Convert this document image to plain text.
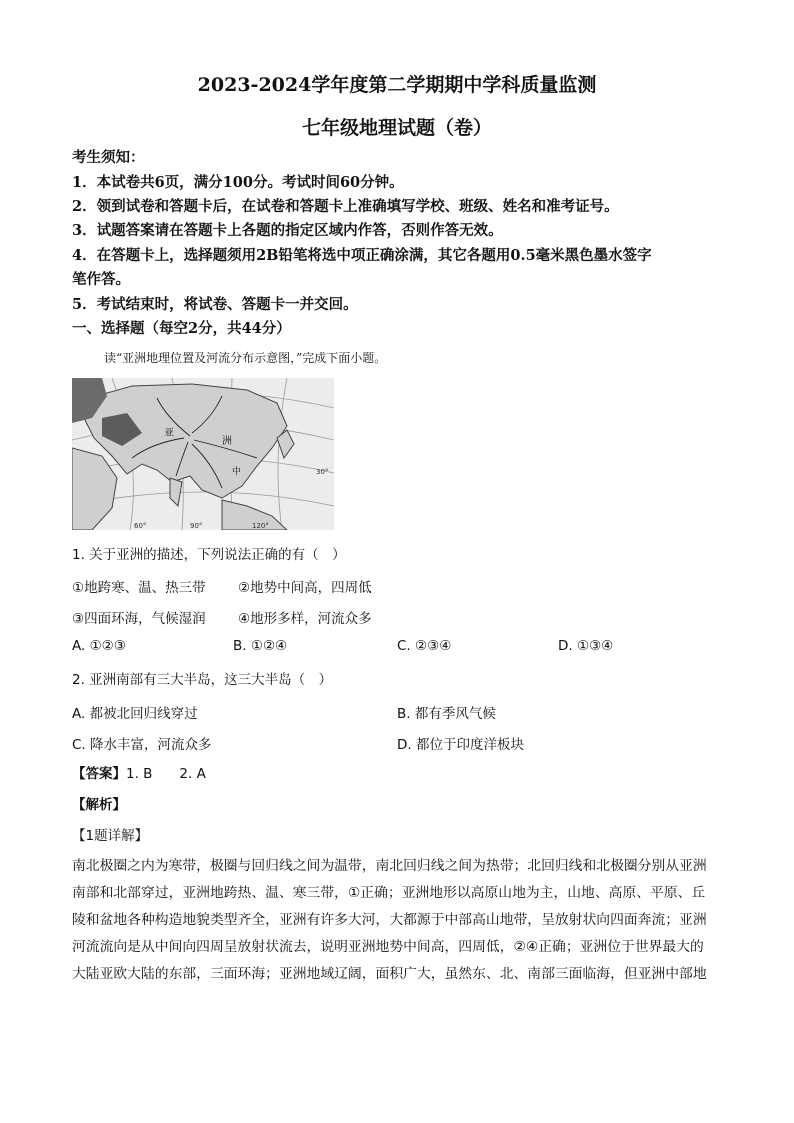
2023-2024学年度第二学期期中学科质量监测
七年级地理试题（卷）
考生须知：
1．本试卷共6页，满分100分。考试时间60分钟。
2．领到试卷和答题卡后，在试卷和答题卡上准确填写学校、班级、姓名和准考证号。
3．试题答案请在答题卡上各题的指定区域内作答，否则作答无效。
4．在答题卡上，选择题须用2B铅笔将选中项正确涂满，其它各题用0.5毫米黑色墨水签字
笔作答。
5．考试结束时，将试卷、答题卡一并交回。
一、选择题（每空2分，共44分）
读“亚洲地理位置及河流分布示意图，”完成下面小题。
亚
洲
中
90°	120°
60°
30°
1. 关于亚洲的描述，下列说法正确的有（　）
①地跨寒、温、热三带 ②地势中间高，四周低
③四面环海，气候湿润 ④地形多样，河流众多
A. ①②③	B. ①②④	C. ②③④	D. ①③④
2. 亚洲南部有三大半岛，这三大半岛（　）
A. 都被北回归线穿过	B. 都有季风气候
C. 降水丰富，河流众多	D. 都位于印度洋板块
【答案】1. B　　2. A
【解析】
【1题详解】
南北极圈之内为寒带，极圈与回归线之间为温带，南北回归线之间为热带；北回归线和北极圈分别从亚洲
南部和北部穿过，亚洲地跨热、温、寒三带，①正确；亚洲地形以高原山地为主，山地、高原、平原、丘
陵和盆地各种构造地貌类型齐全，亚洲有许多大河，大都源于中部高山地带，呈放射状向四面奔流；亚洲
河流流向是从中间向四周呈放射状流去，说明亚洲地势中间高，四周低，②④正确；亚洲位于世界最大的
大陆亚欧大陆的东部，三面环海；亚洲地域辽阔，面积广大，虽然东、北、南部三面临海，但亚洲中部地
